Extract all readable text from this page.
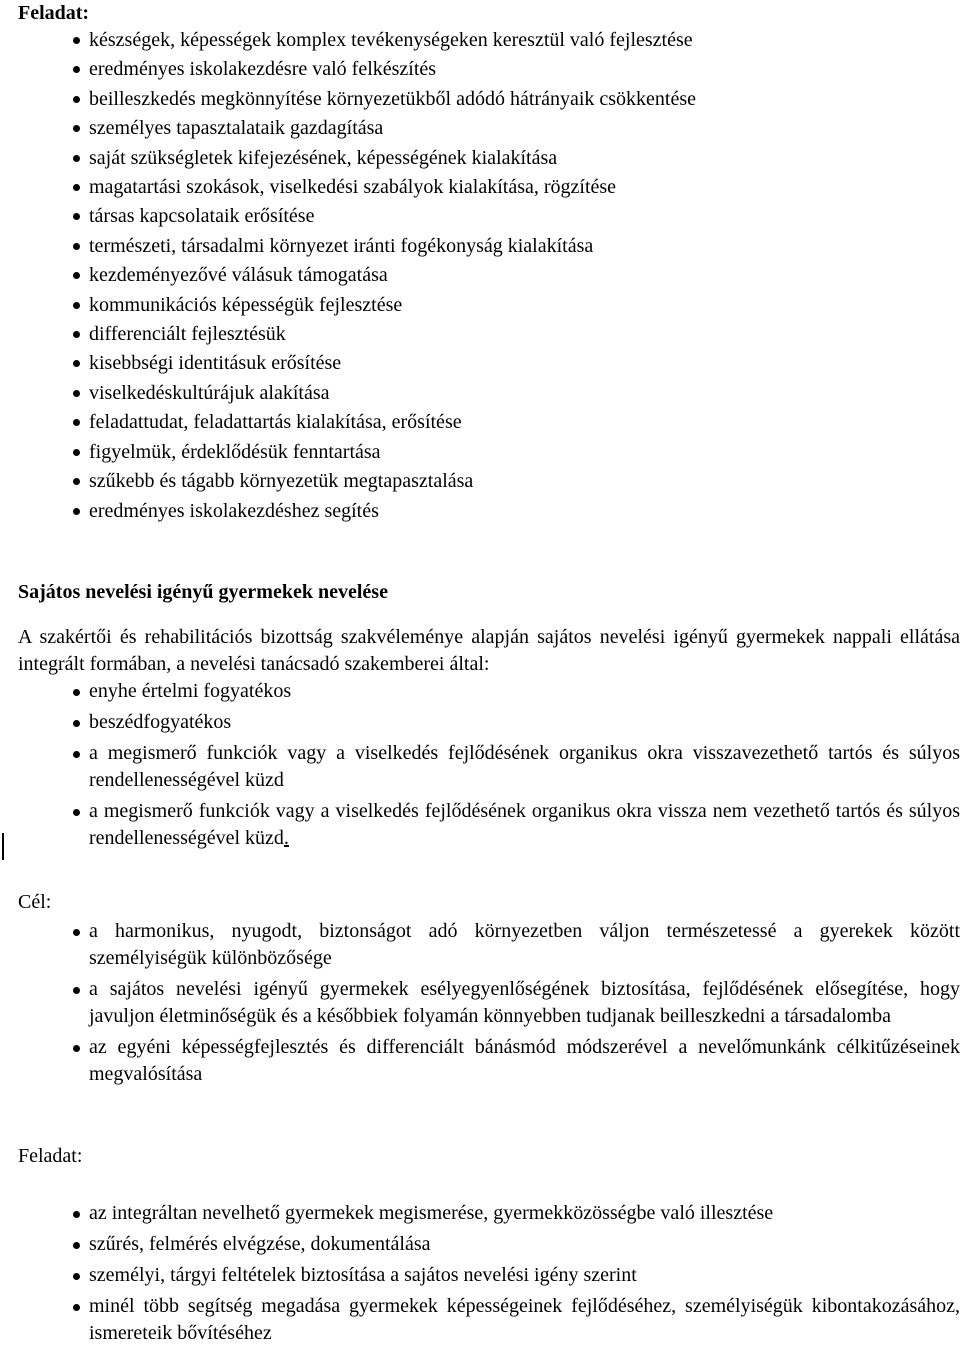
Feladat:
készségek, képességek komplex tevékenységeken keresztül való fejlesztése
eredményes iskolakezdésre való felkészítés
beilleszkedés megkönnyítése környezetükből adódó hátrányaik csökkentése
személyes tapasztalataik gazdagítása
saját szükségletek kifejezésének, képességének kialakítása
magatartási szokások, viselkedési szabályok kialakítása, rögzítése
társas kapcsolataik erősítése
természeti, társadalmi környezet iránti fogékonyság kialakítása
kezdeményezővé válásuk támogatása
kommunikációs képességük fejlesztése
differenciált fejlesztésük
kisebbségi identitásuk erősítése
viselkedéskultúrájuk alakítása
feladattudat, feladattartás kialakítása, erősítése
figyelmük, érdeklődésük fenntartása
szűkebb és tágabb környezetük megtapasztalása
eredményes iskolakezdéshez segítés
Sajátos nevelési igényű gyermekek nevelése

A szakértői és rehabilitációs bizottság szakvéleménye alapján sajátos nevelési igényű gyermekek nappali ellátása integrált formában, a nevelési tanácsadó szakemberei által:

enyhe értelmi fogyatékos
beszédfogyatékos
a megismerő funkciók vagy a viselkedés fejlődésének organikus okra visszavezethető tartós és súlyos rendellenességével küzd
a megismerő funkciók vagy a viselkedés fejlődésének organikus okra vissza nem vezethető tartós és súlyos rendellenességével küzd.
Cél:
a harmonikus, nyugodt, biztonságot adó környezetben váljon természetessé a gyerekek között személyiségük különbözősége
a sajátos nevelési igényű gyermekek esélyegyenlőségének biztosítása, fejlődésének elősegítése, hogy javuljon életminőségük és a későbbiek folyamán könnyebben tudjanak beilleszkedni a társadalomba
az egyéni képességfejlesztés és differenciált bánásmód módszerével a nevelőmunkánk célkitűzéseinek megvalósítása
Feladat:
az integráltan nevelhető gyermekek megismerése, gyermekközösségbe való illesztése
szűrés, felmérés elvégzése, dokumentálása
személyi, tárgyi feltételek biztosítása a sajátos nevelési igény szerint
minél több segítség megadása gyermekek képességeinek fejlődéséhez, személyiségük kibontakozásához, ismereteik bővítéséhez
